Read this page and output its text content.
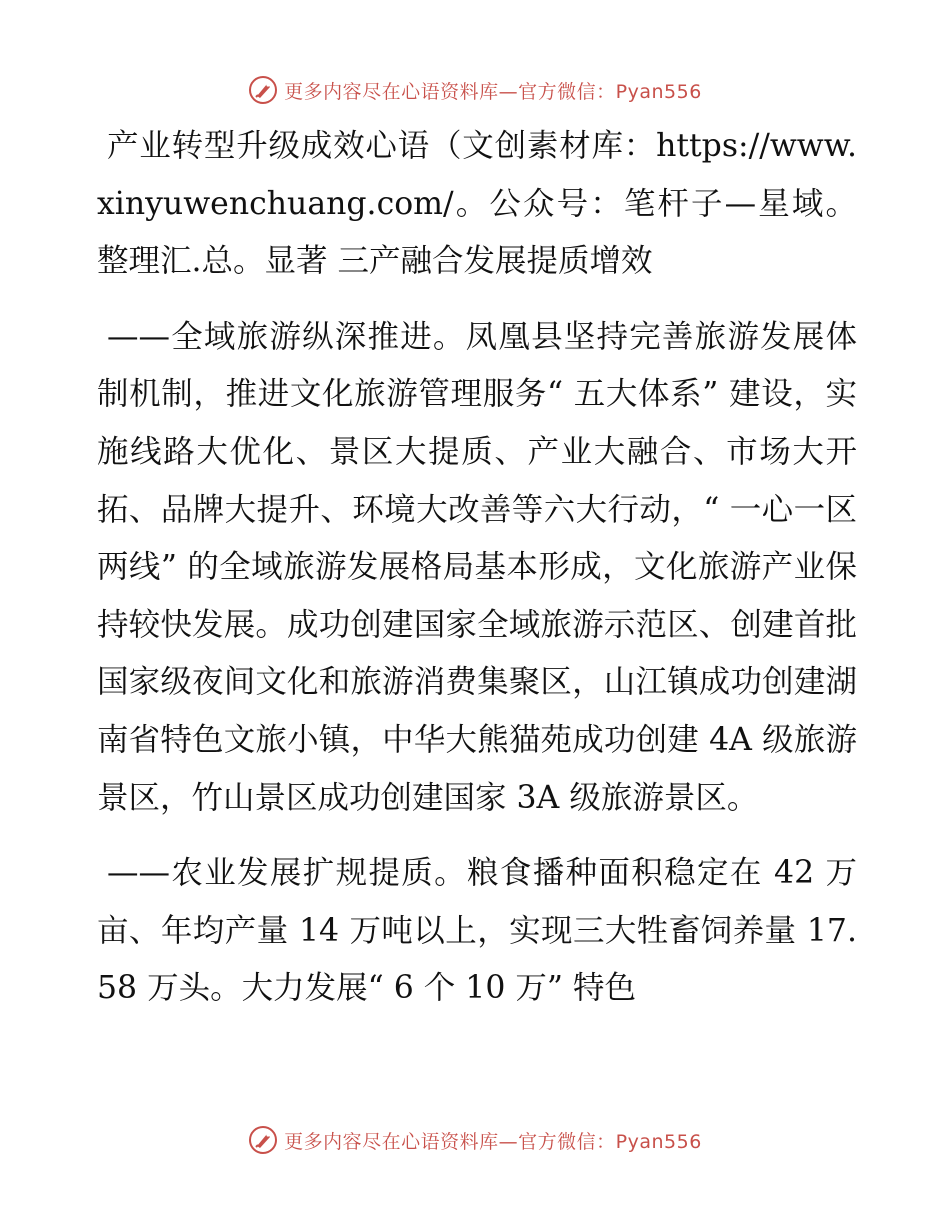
更多内容尽在心语资料库—官方微信：Pyan556

产业转型升级成效心语（文创素材库：https://www.xinyuwenchuang.com/。公众号：笔杆子—星域。整理汇.总。显著 三产融合发展提质增效

——全域旅游纵深推进。凤凰县坚持完善旅游发展体制机制，推进文化旅游管理服务“ 五大体系” 建设，实施线路大优化、景区大提质、产业大融合、市场大开拓、品牌大提升、环境大改善等六大行动，“ 一心一区两线” 的全域旅游发展格局基本形成，文化旅游产业保持较快发展。成功创建国家全域旅游示范区、创建首批国家级夜间文化和旅游消费集聚区，山江镇成功创建湖南省特色文旅小镇，中华大熊猫苑成功创建 4A 级旅游景区，竹山景区成功创建国家 3A 级旅游景区。

——农业发展扩规提质。粮食播种面积稳定在 42 万亩、年均产量 14 万吨以上，实现三大牲畜饲养量 17.58 万头。大力发展“ 6 个 10 万” 特色

更多内容尽在心语资料库—官方微信：Pyan556
